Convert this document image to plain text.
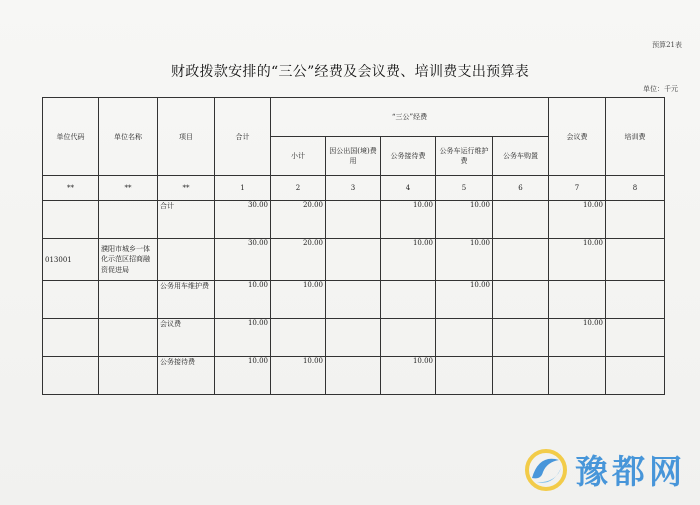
预算21表
财政拨款安排的“三公”经费及会议费、培训费支出预算表
单位：千元
单位代码	单位名称	项目	合计	“三公”经费					会议费	培训费
				小计	因公出国(境)费用	公务接待费	公务车运行维护费	公务车购置		
**	**	**	1	2	3	4	5	6	7	8
		合计	30.00	20.00		10.00	10.00		10.00	
013001	濮阳市城乡一体化示范区招商融资促进局		30.00	20.00		10.00	10.00		10.00	
		公务用车维护费	10.00	10.00			10.00			
		会议费	10.00						10.00	
		公务接待费	10.00	10.00		10.00				
豫都网
